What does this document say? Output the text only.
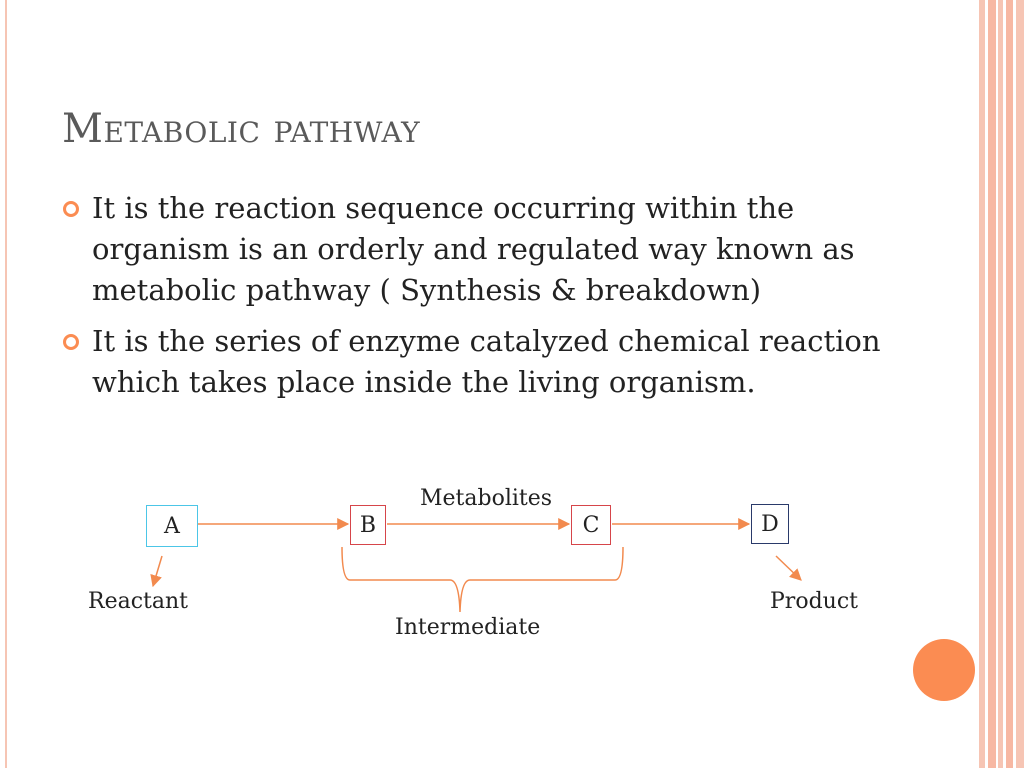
Metabolic pathway
It is the reaction sequence occurring within the organism is an orderly and regulated way known as metabolic pathway ( Synthesis & breakdown)
It is the series of enzyme catalyzed chemical reaction which takes place inside the living organism.
A	B	C	D
Metabolites
Reactant	Product
Intermediate
